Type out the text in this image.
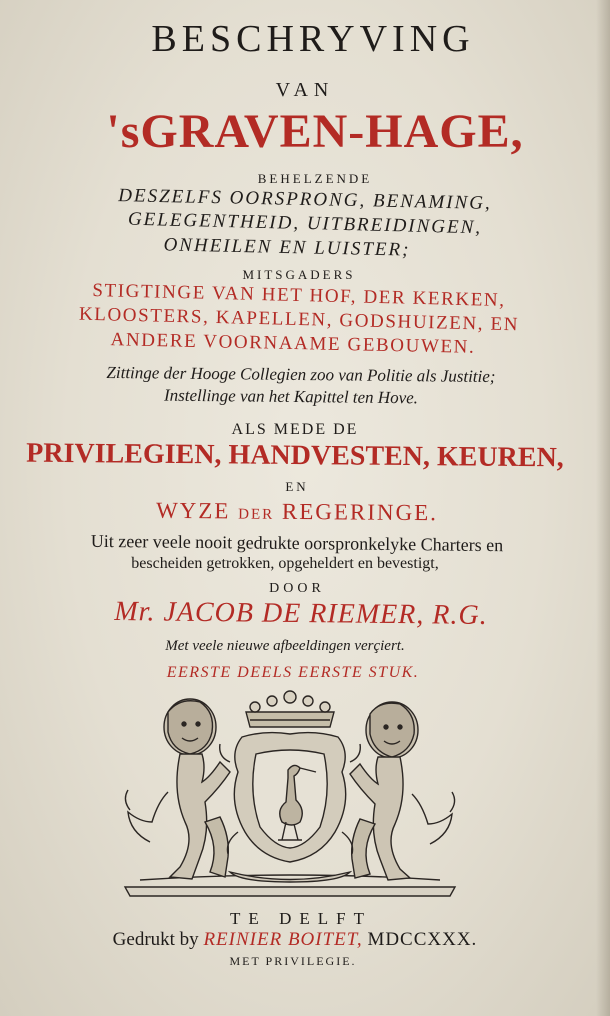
BESCHRYVING

VAN

'sGRAVEN-HAGE,

BEHELZENDE

DESZELFS OORSPRONG, BENAMING,

GELEGENTHEID, UITBREIDINGEN,

ONHEILEN EN LUISTER;

MITSGADERS

STIGTINGE VAN HET HOF, DER KERKEN,

KLOOSTERS, KAPELLEN, GODSHUIZEN, EN

ANDERE VOORNAAME GEBOUWEN.

Zittinge der Hooge Collegien zoo van Politie als Justitie;

Instellinge van het Kapittel ten Hove.

ALS MEDE DE

PRIVILEGIEN, HANDVESTEN, KEUREN,

EN

WYZE DER REGERINGE.

Uit zeer veele nooit gedrukte oorspronkelyke Charters en

bescheiden getrokken, opgeheldert en bevestigt,

DOOR

Mr. JACOB DE RIEMER, R.G.

Met veele nieuwe afbeeldingen verçiert.

EERSTE DEELS EERSTE STUK.

TE DELFT

Gedrukt by REINIER BOITET, MDCCXXX.

MET PRIVILEGIE.
